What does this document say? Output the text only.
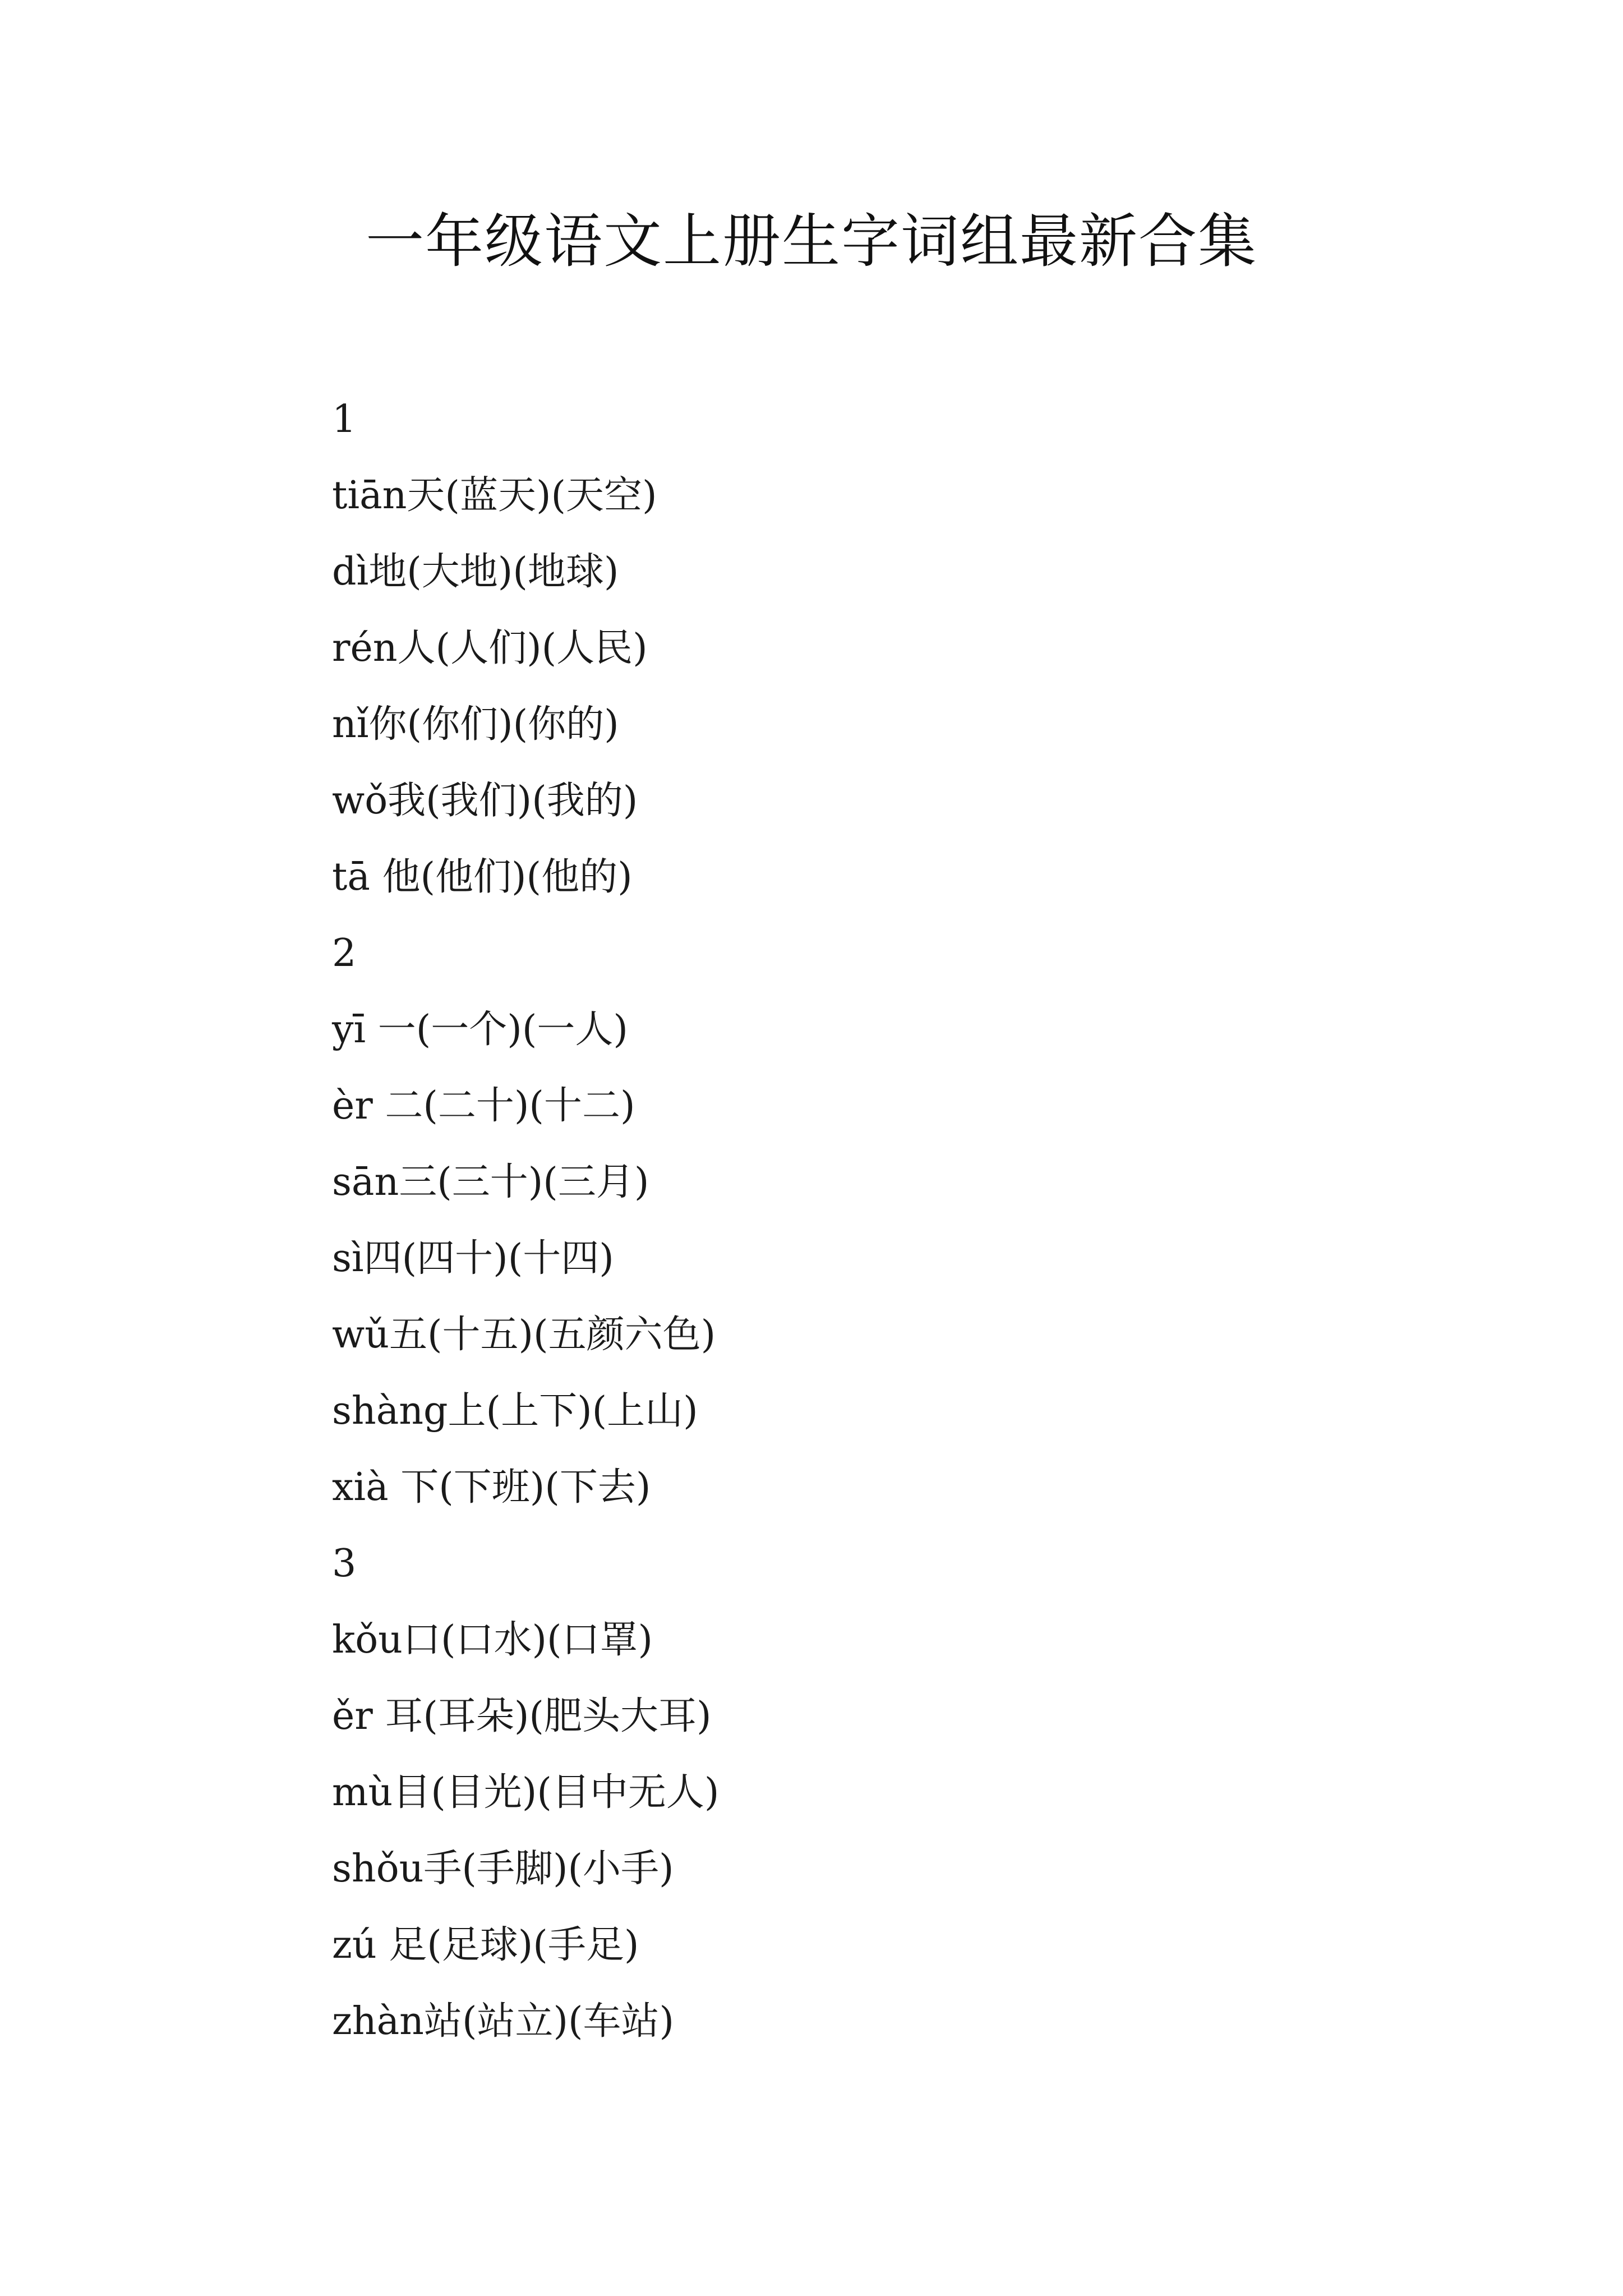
一年级语文上册生字词组最新合集
1
tiān天(蓝天)(天空)
dì地(大地)(地球)
rén人(人们)(人民)
nǐ你(你们)(你的)
wǒ我(我们)(我的)
tā 他(他们)(他的)
2
yī 一(一个)(一人)
èr 二(二十)(十二)
sān三(三十)(三月)
sì四(四十)(十四)
wǔ五(十五)(五颜六色)
shàng上(上下)(上山)
xià 下(下班)(下去)
3
kǒu口(口水)(口罩)
ěr 耳(耳朵)(肥头大耳)
mù目(目光)(目中无人)
shǒu手(手脚)(小手)
zú 足(足球)(手足)
zhàn站(站立)(车站)
